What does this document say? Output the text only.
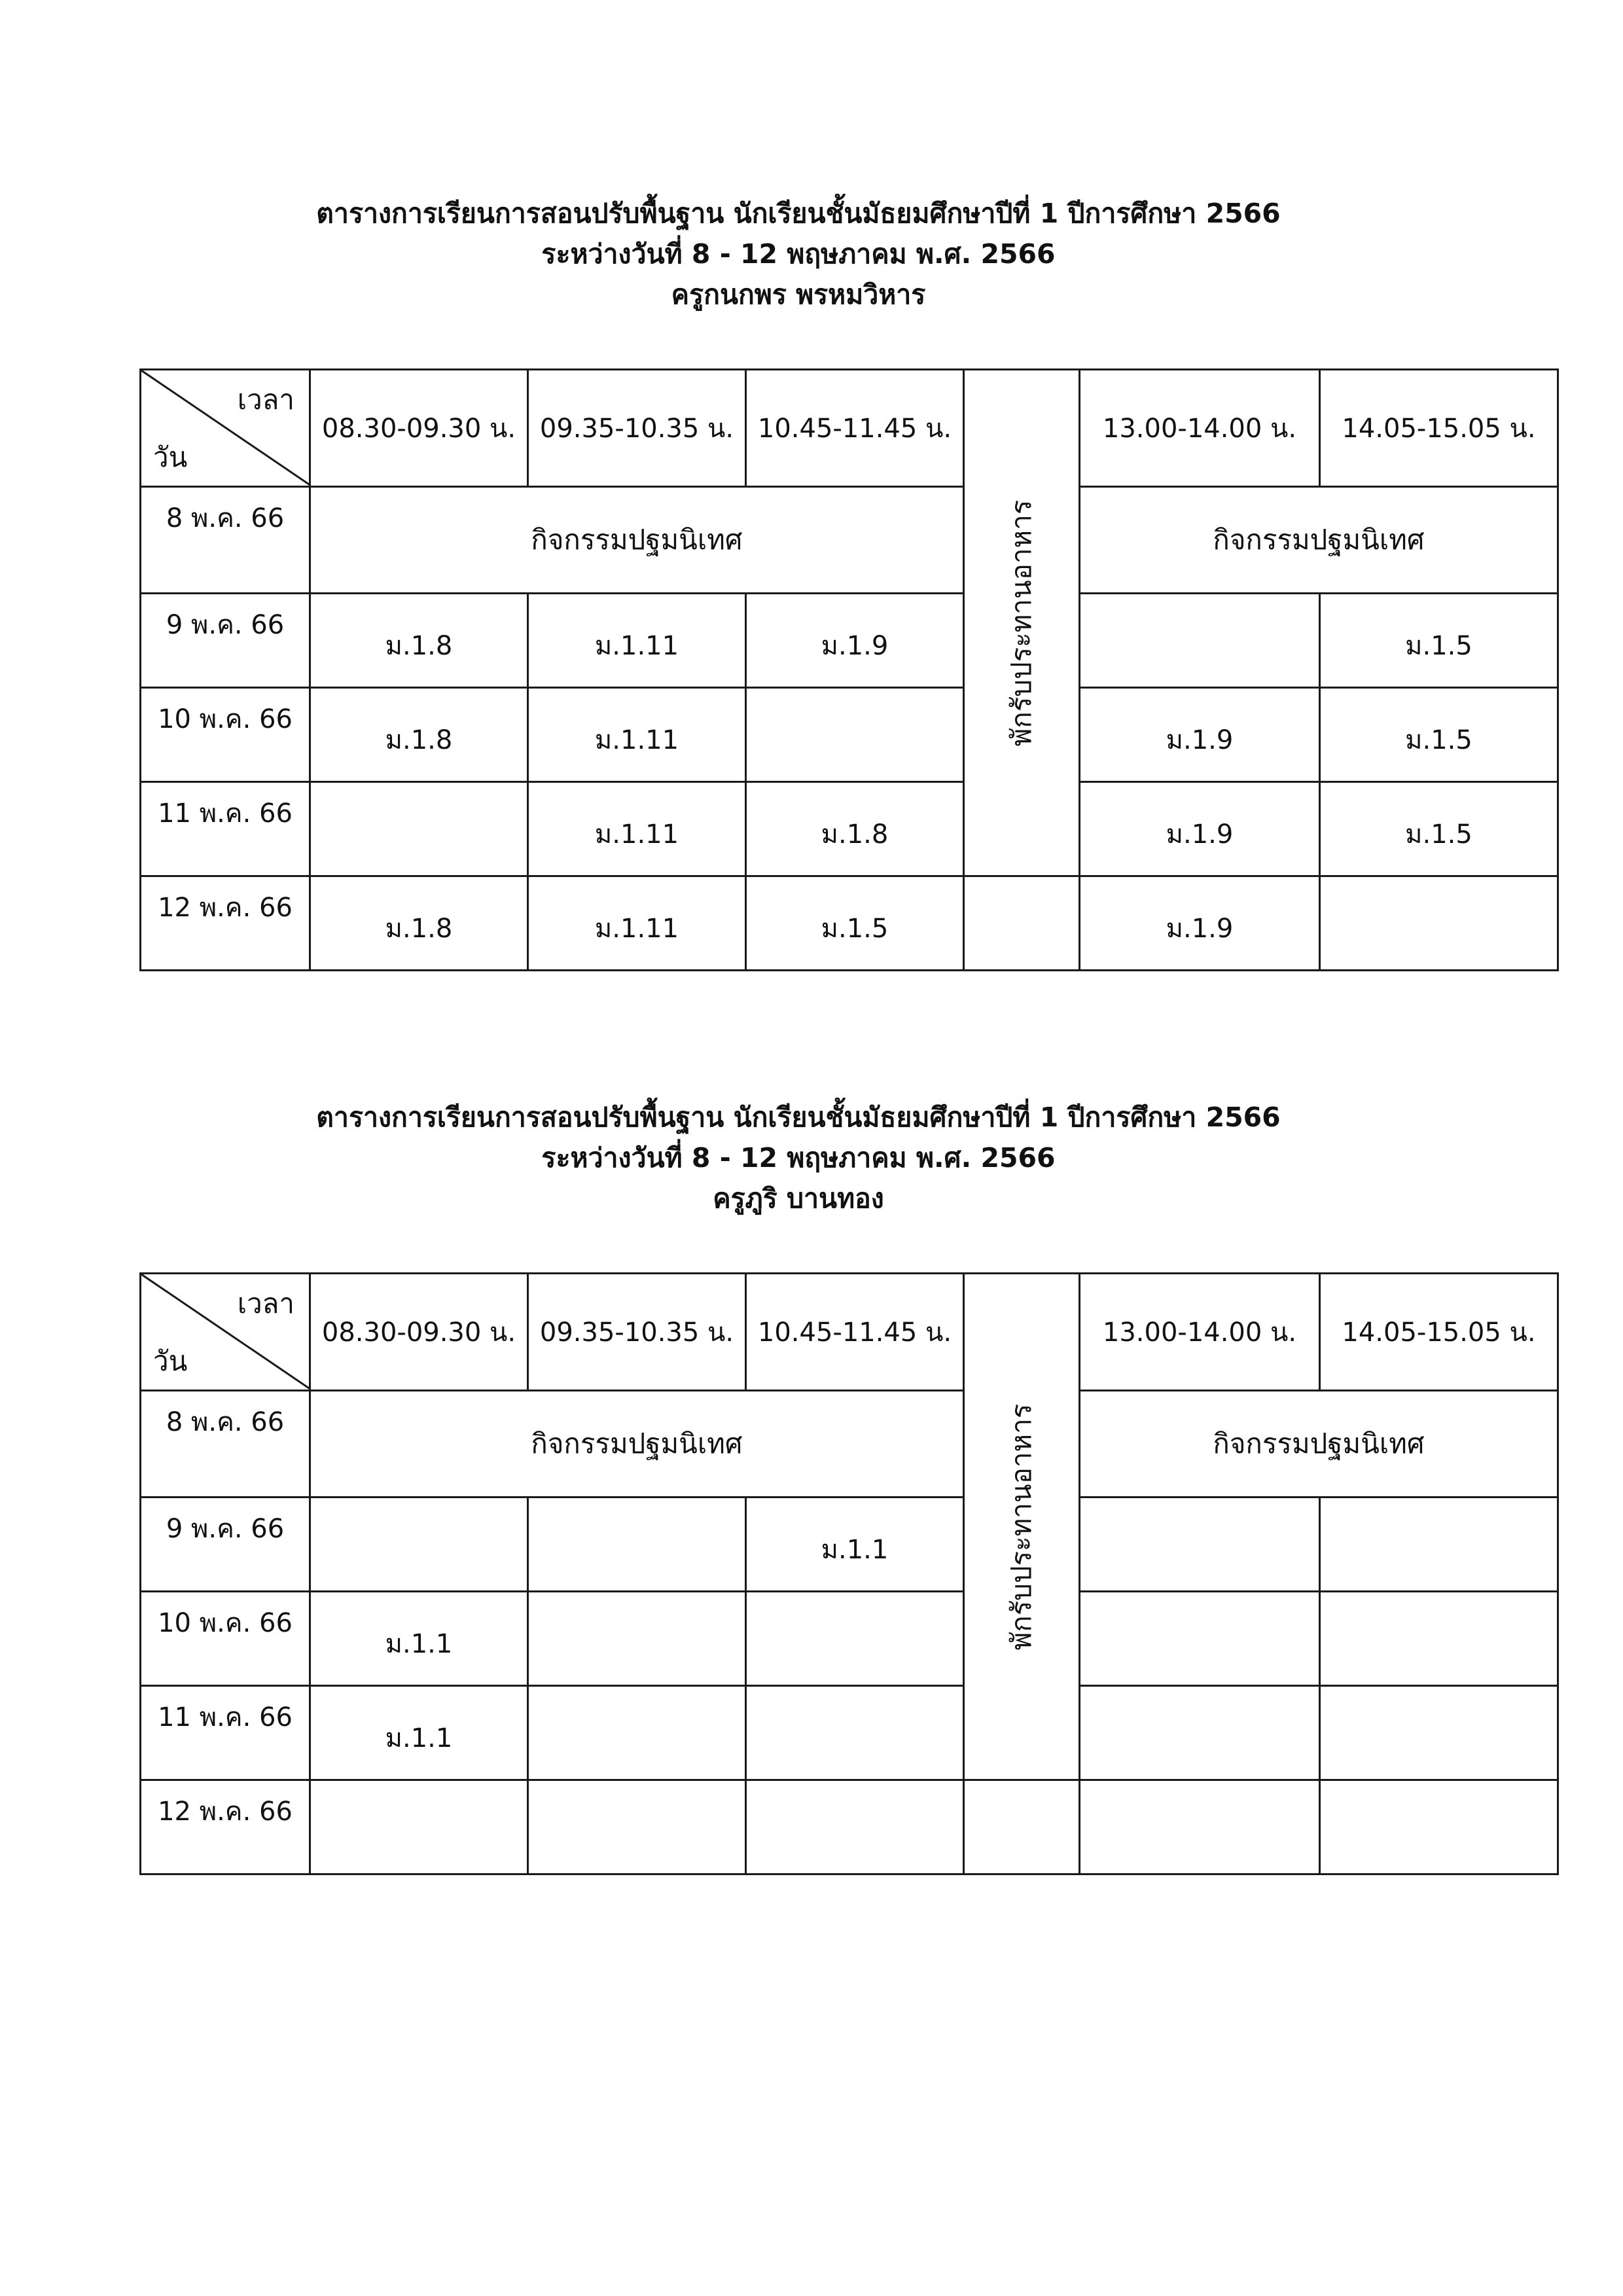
ตารางการเรียนการสอนปรับพื้นฐาน นักเรียนชั้นมัธยมศึกษาปีที่ 1 ปีการศึกษา 2566
ระหว่างวันที่ 8 - 12 พฤษภาคม พ.ศ. 2566
ครูกนกพร พรหมวิหาร
เวลา
วัน	08.30-09.30 น.	09.35-10.35 น.	10.45-11.45 น.	พักรับประทานอาหาร	13.00-14.00 น.	14.05-15.05 น.
8 พ.ค. 66	กิจกรรมปฐมนิเทศ				กิจกรรมปฐมนิเทศ	
9 พ.ค. 66	ม.1.8	ม.1.11	ม.1.9			ม.1.5
10 พ.ค. 66	ม.1.8	ม.1.11			ม.1.9	ม.1.5
11 พ.ค. 66		ม.1.11	ม.1.8		ม.1.9	ม.1.5
12 พ.ค. 66	ม.1.8	ม.1.11	ม.1.5		ม.1.9	
ตารางการเรียนการสอนปรับพื้นฐาน นักเรียนชั้นมัธยมศึกษาปีที่ 1 ปีการศึกษา 2566
ระหว่างวันที่ 8 - 12 พฤษภาคม พ.ศ. 2566
ครูภูริ บานทอง
เวลา
วัน	08.30-09.30 น.	09.35-10.35 น.	10.45-11.45 น.	พักรับประทานอาหาร	13.00-14.00 น.	14.05-15.05 น.
8 พ.ค. 66	กิจกรรมปฐมนิเทศ				กิจกรรมปฐมนิเทศ	
9 พ.ค. 66			ม.1.1			
10 พ.ค. 66	ม.1.1					
11 พ.ค. 66	ม.1.1					
12 พ.ค. 66						
